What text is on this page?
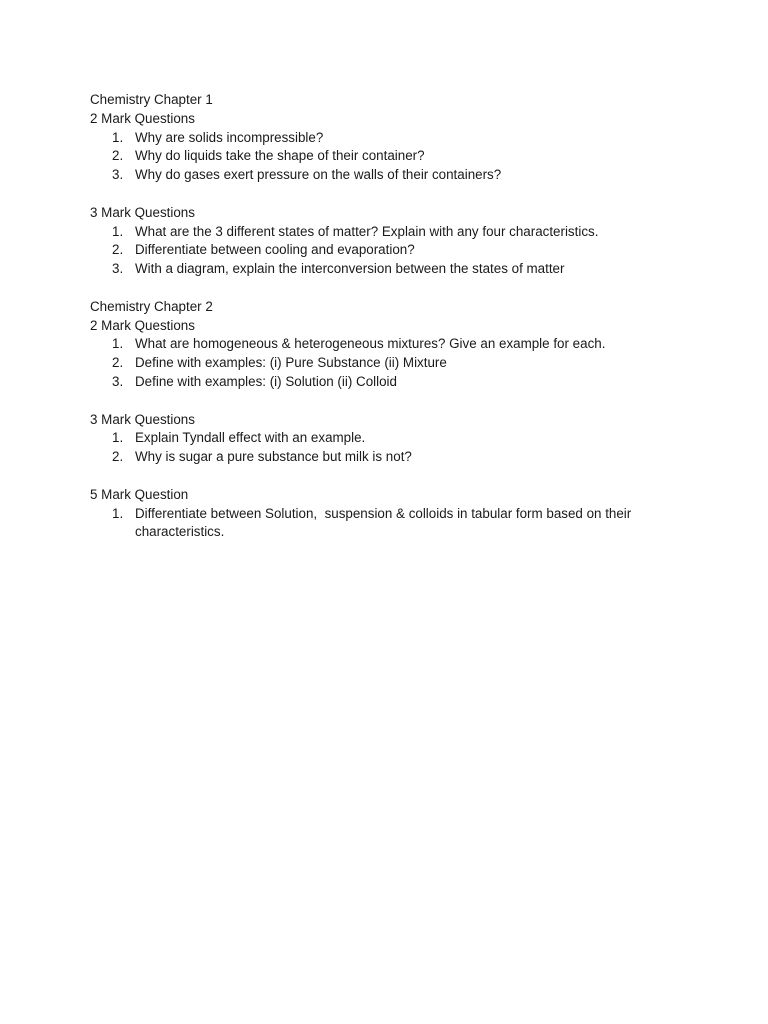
Chemistry Chapter 1

2 Mark Questions

1. Why are solids incompressible?
2. Why do liquids take the shape of their container?
3. Why do gases exert pressure on the walls of their containers?

3 Mark Questions

1. What are the 3 different states of matter? Explain with any four characteristics.
2. Differentiate between cooling and evaporation?
3. With a diagram, explain the interconversion between the states of matter

Chemistry Chapter 2

2 Mark Questions

1. What are homogeneous & heterogeneous mixtures? Give an example for each.
2. Define with examples: (i) Pure Substance (ii) Mixture
3. Define with examples: (i) Solution (ii) Colloid

3 Mark Questions

1. Explain Tyndall effect with an example.
2. Why is sugar a pure substance but milk is not?

5 Mark Question

1. Differentiate between Solution,  suspension & colloids in tabular form based on their characteristics.
